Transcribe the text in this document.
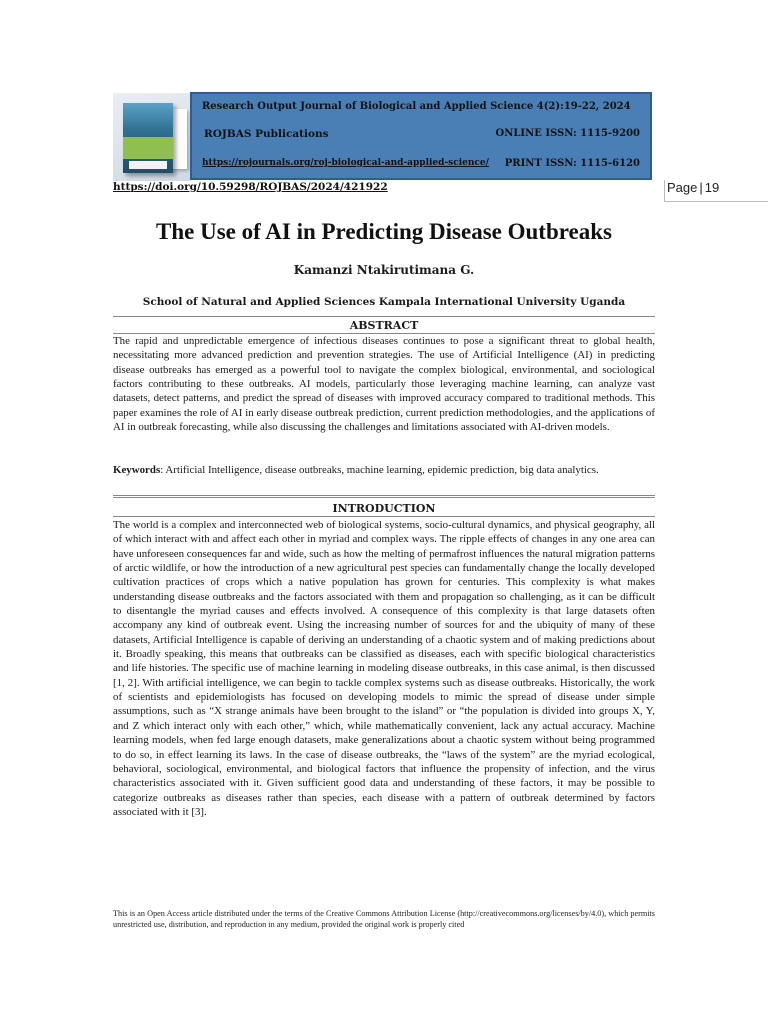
Research Output Journal of Biological and Applied Science 4(2):19-22, 2024
ROJBAS Publications	ONLINE ISSN: 1115-9200
https://rojournals.org/roj-biological-and-applied-science/ PRINT ISSN: 1115-6120
https://doi.org/10.59298/ROJBAS/2024/421922	Page | 19
The Use of AI in Predicting Disease Outbreaks
Kamanzi Ntakirutimana G.
School of Natural and Applied Sciences Kampala International University Uganda
ABSTRACT

The rapid and unpredictable emergence of infectious diseases continues to pose a significant threat to global health, necessitating more advanced prediction and prevention strategies. The use of Artificial Intelligence (AI) in predicting disease outbreaks has emerged as a powerful tool to navigate the complex biological, environmental, and sociological factors contributing to these outbreaks. AI models, particularly those leveraging machine learning, can analyze vast datasets, detect patterns, and predict the spread of diseases with improved accuracy compared to traditional methods. This paper examines the role of AI in early disease outbreak prediction, current prediction methodologies, and the applications of AI in outbreak forecasting, while also discussing the challenges and limitations associated with AI-driven models.

Keywords: Artificial Intelligence, disease outbreaks, machine learning, epidemic prediction, big data analytics.

INTRODUCTION

The world is a complex and interconnected web of biological systems, socio-cultural dynamics, and physical geography, all of which interact with and affect each other in myriad and complex ways. The ripple effects of changes in any one area can have unforeseen consequences far and wide, such as how the melting of permafrost influences the natural migration patterns of arctic wildlife, or how the introduction of a new agricultural pest species can fundamentally change the locally developed cultivation practices of crops which a native population has grown for centuries. This complexity is what makes understanding disease outbreaks and the factors associated with them and propagation so challenging, as it can be difficult to disentangle the myriad causes and effects involved. A consequence of this complexity is that large datasets often accompany any kind of outbreak event. Using the increasing number of sources for and the ubiquity of many of these datasets, Artificial Intelligence is capable of deriving an understanding of a chaotic system and of making predictions about it. Broadly speaking, this means that outbreaks can be classified as diseases, each with specific biological characteristics and life histories. The specific use of machine learning in modeling disease outbreaks, in this case animal, is then discussed [1, 2]. With artificial intelligence, we can begin to tackle complex systems such as disease outbreaks. Historically, the work of scientists and epidemiologists has focused on developing models to mimic the spread of disease under simple assumptions, such as “X strange animals have been brought to the island” or “the population is divided into groups X, Y, and Z which interact only with each other,” which, while mathematically convenient, lack any actual accuracy. Machine learning models, when fed large enough datasets, make generalizations about a chaotic system without being programmed to do so, in effect learning its laws. In the case of disease outbreaks, the “laws of the system” are the myriad ecological, behavioral, sociological, environmental, and biological factors that influence the propensity of infection, and the virus characteristics associated with it. Given sufficient good data and understanding of these factors, it may be possible to categorize outbreaks as diseases rather than species, each disease with a pattern of outbreak determined by factors associated with it [3].

This is an Open Access article distributed under the terms of the Creative Commons Attribution License (http://creativecommons.org/licenses/by/4.0), which permits unrestricted use, distribution, and reproduction in any medium, provided the original work is properly cited
